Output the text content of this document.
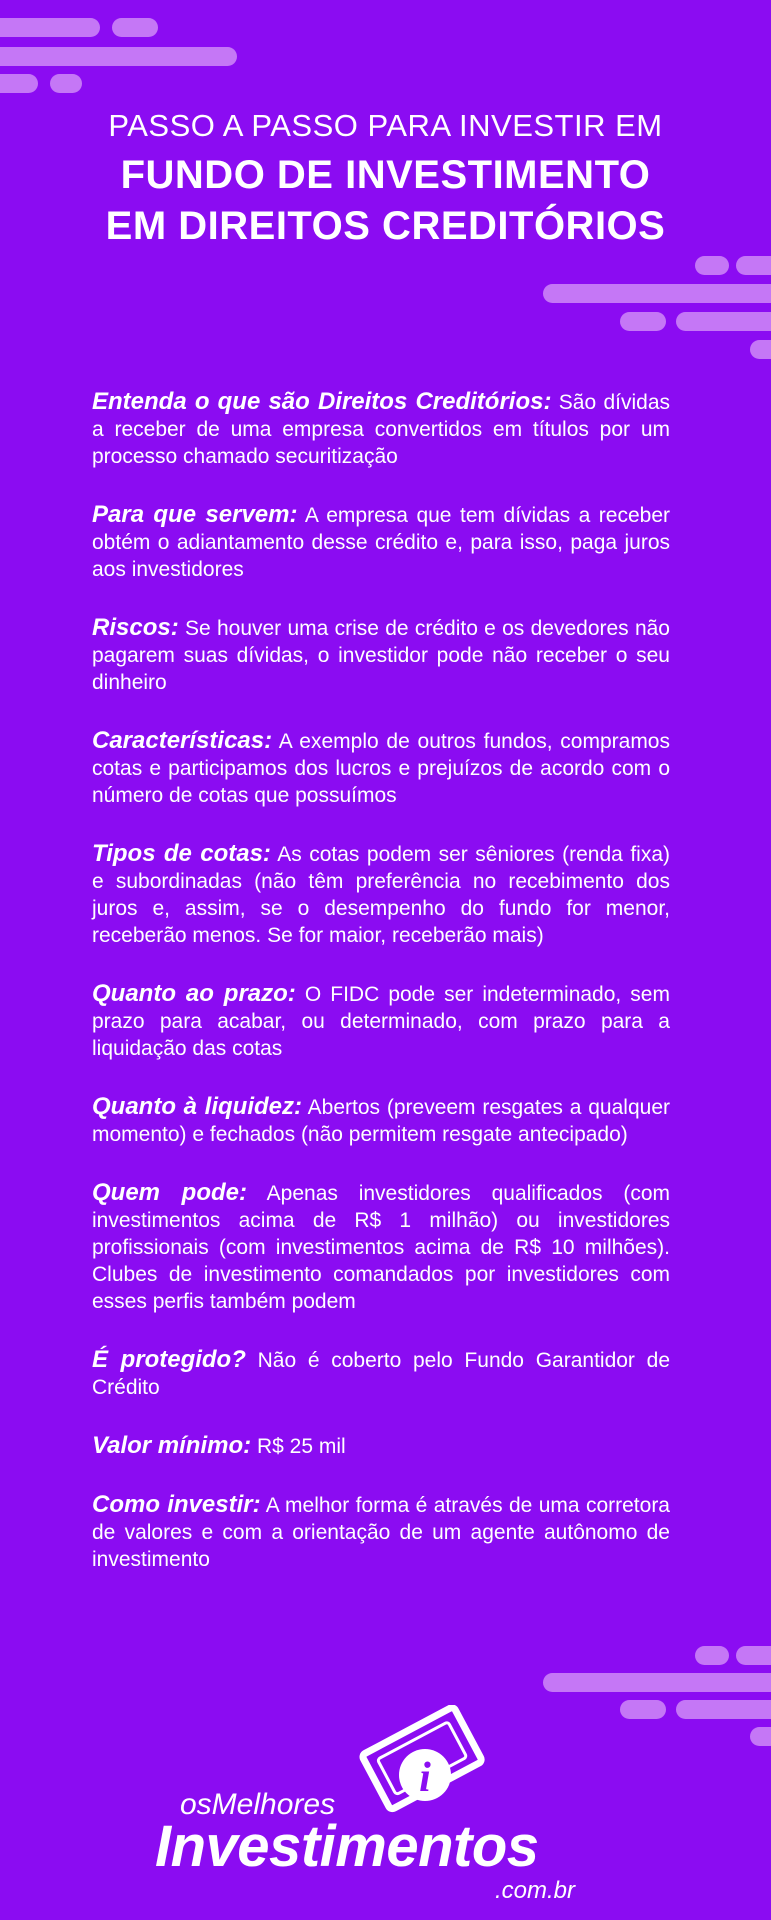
PASSO A PASSO PARA INVESTIR EM

FUNDO DE INVESTIMENTO
EM DIREITOS CREDITÓRIOS

Entenda o que são Direitos Creditórios: São dívidas a receber de uma empresa convertidos em títulos por um processo chamado securitização

Para que servem: A empresa que tem dívidas a receber obtém o adiantamento desse crédito e, para isso, paga juros aos investidores

Riscos: Se houver uma crise de crédito e os devedores não pagarem suas dívidas, o investidor pode não receber o seu dinheiro

Características: A exemplo de outros fundos, compramos cotas e participamos dos lucros e prejuízos de acordo com o número de cotas que possuímos

Tipos de cotas: As cotas podem ser sêniores (renda fixa) e subordinadas (não têm preferência no recebimento dos juros e, assim, se o desempenho do fundo for menor, receberão menos. Se for maior, receberão mais)

Quanto ao prazo: O FIDC pode ser indeterminado, sem prazo para acabar, ou determinado, com prazo para a liquidação das cotas

Quanto à liquidez: Abertos (preveem resgates a qualquer momento) e fechados (não permitem resgate antecipado)

Quem pode: Apenas investidores qualificados (com investimentos acima de R$ 1 milhão) ou investidores profissionais (com investimentos acima de R$ 10 milhões). Clubes de investimento comandados por investidores com esses perfis também podem

É protegido? Não é coberto pelo Fundo Garantidor de Crédito

Valor mínimo: R$ 25 mil

Como investir: A melhor forma é através de uma corretora de valores e com a orientação de um agente autônomo de investimento

i
osMelhores
Investimentos
.com.br
